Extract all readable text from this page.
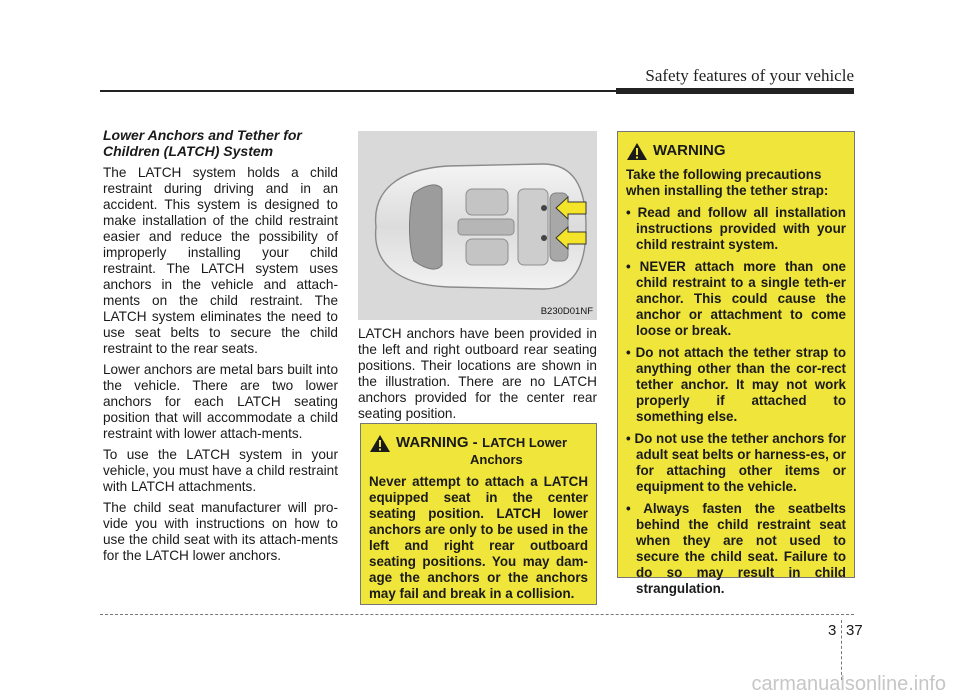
Safety features of your vehicle
Lower Anchors and Tether for
Children (LATCH) System

The LATCH system holds a child restraint during driving and in an accident. This system is designed to make installation of the child restraint easier and reduce the possibility of improperly installing your child restraint. The LATCH system uses anchors in the vehicle and attach-ments on the child restraint. The LATCH system eliminates the need to use seat belts to secure the child restraint to the rear seats.

Lower anchors are metal bars built into the vehicle. There are two lower anchors for each LATCH seating position that will accommodate a child restraint with lower attach-ments.

To use the LATCH system in your vehicle, you must have a child restraint with LATCH attachments.

The child seat manufacturer will pro-vide you with instructions on how to use the child seat with its attach-ments for the LATCH lower anchors.

B230D01NF

LATCH anchors have been provided in the left and right outboard rear seating positions. Their locations are shown in the illustration. There are no LATCH anchors provided for the center rear seating position.

WARNING - LATCH Lower
Anchors

Never attempt to attach a LATCH equipped seat in the center seating position. LATCH lower anchors are only to be used in the left and right rear outboard seating positions. You may dam-age the anchors or the anchors may fail and break in a collision.

WARNING

Take the following precautions when installing the tether strap:

• Read and follow all installation instructions provided with your child restraint system.
• NEVER attach more than one child restraint to a single teth-er anchor. This could cause the anchor or attachment to come loose or break.
• Do not attach the tether strap to anything other than the cor-rect tether anchor. It may not work properly if attached to something else.
• Do not use the tether anchors for adult seat belts or harness-es, or for attaching other items or equipment to the vehicle.
• Always fasten the seatbelts behind the child restraint seat when they are not used to secure the child seat. Failure to do so may result in child strangulation.
3 37
carmanualsonline.info
